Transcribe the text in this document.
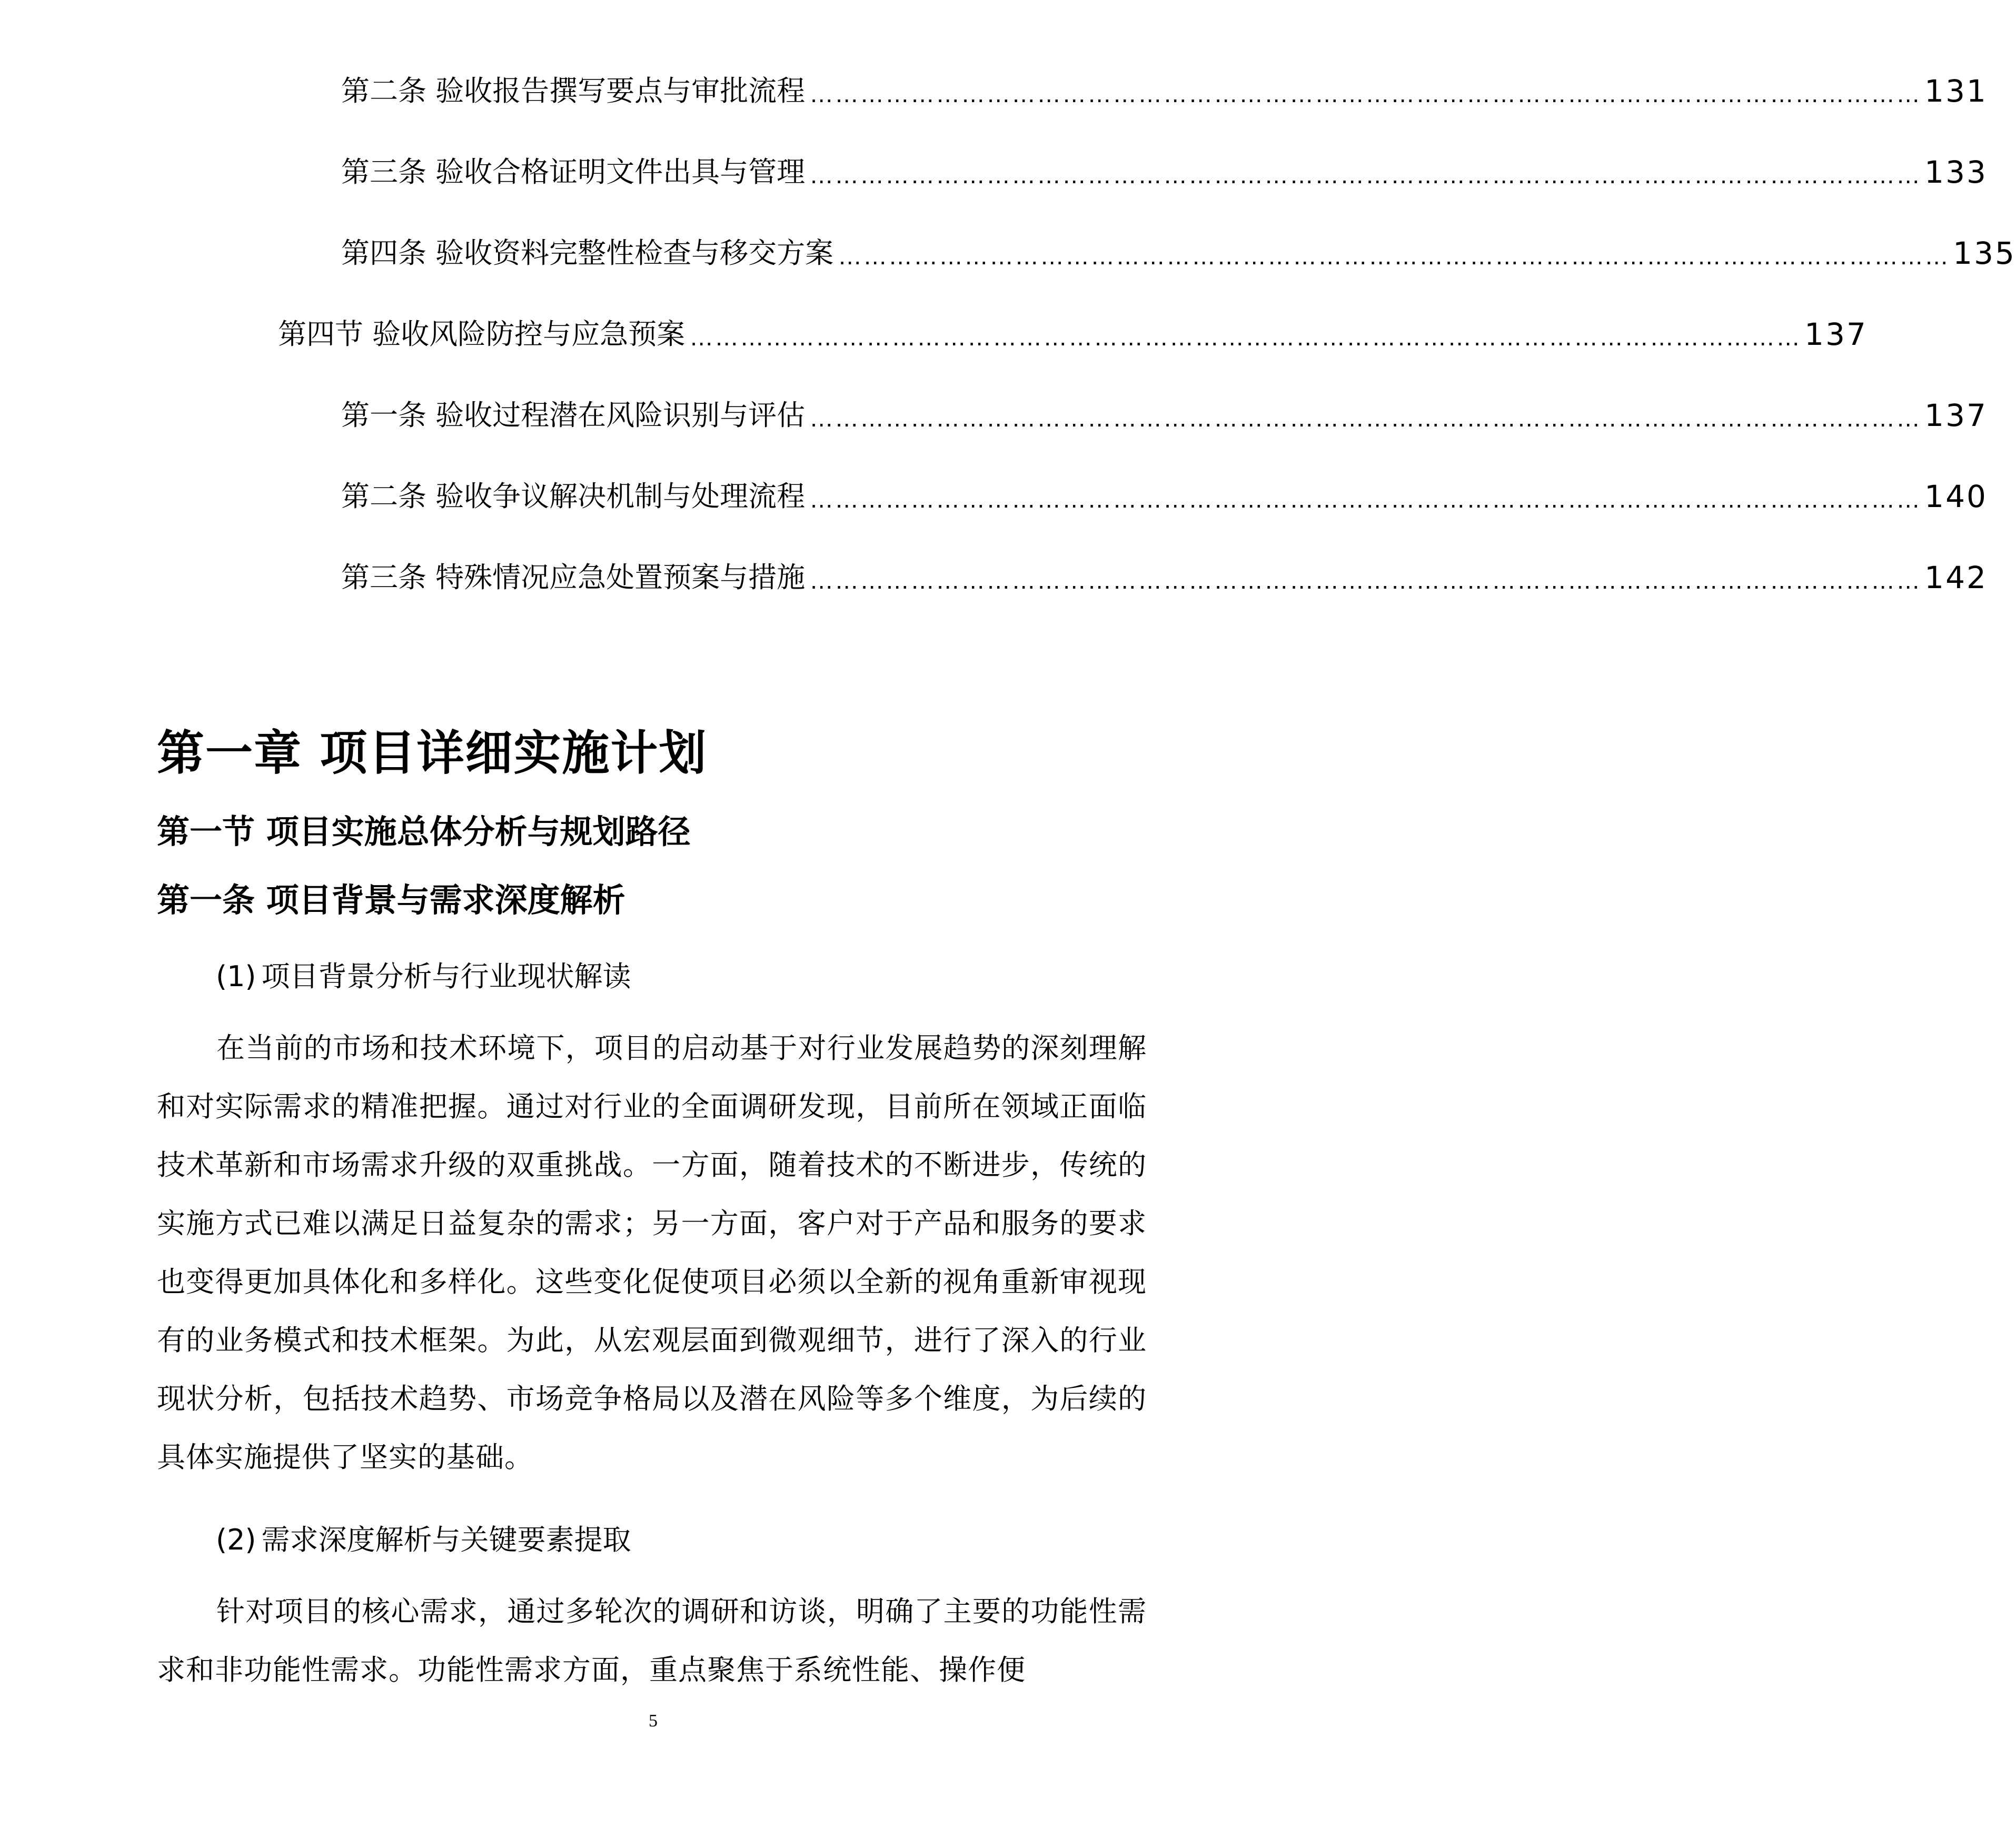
第二条 验收报告撰写要点与审批流程 …………………………………………………………………………………………………………………… 131
第三条 验收合格证明文件出具与管理 …………………………………………………………………………………………………………………… 133
第四条 验收资料完整性检查与移交方案 …………………………………………………………………………………………………………………… 135
第四节 验收风险防控与应急预案 …………………………………………………………………………………………………………………… 137
第一条 验收过程潜在风险识别与评估 …………………………………………………………………………………………………………………… 137
第二条 验收争议解决机制与处理流程 …………………………………………………………………………………………………………………… 140
第三条 特殊情况应急处置预案与措施 …………………………………………………………………………………………………………………… 142
第一章 项目详细实施计划
第一节 项目实施总体分析与规划路径
第一条 项目背景与需求深度解析
(1) 项目背景分析与行业现状解读

在当前的市场和技术环境下，项目的启动基于对行业发展趋势的深刻理解和对实际需求的精准把握。通过对行业的全面调研发现，目前所在领域正面临技术革新和市场需求升级的双重挑战。一方面，随着技术的不断进步，传统的实施方式已难以满足日益复杂的需求；另一方面，客户对于产品和服务的要求也变得更加具体化和多样化。这些变化促使项目必须以全新的视角重新审视现有的业务模式和技术框架。为此，从宏观层面到微观细节，进行了深入的行业现状分析，包括技术趋势、市场竞争格局以及潜在风险等多个维度，为后续的具体实施提供了坚实的基础。

(2) 需求深度解析与关键要素提取

针对项目的核心需求，通过多轮次的调研和访谈，明确了主要的功能性需求和非功能性需求。功能性需求方面，重点聚焦于系统性能、操作便

5
